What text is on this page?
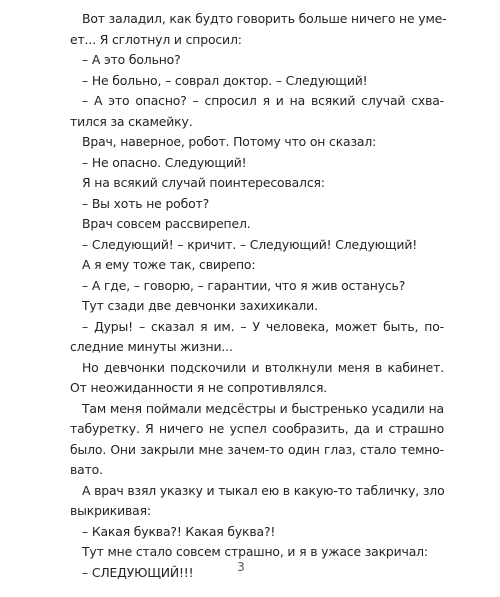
Вот заладил, как будто говорить больше ничего не уме-
ет... Я сглотнул и спросил:
– А это больно?
– Не больно, – соврал доктор. – Следующий!
– А это опасно? – спросил я и на всякий случай схва-
тился за скамейку.
Врач, наверное, робот. Потому что он сказал:
– Не опасно. Следующий!
Я на всякий случай поинтересовался:
– Вы хоть не робот?
Врач совсем рассвирепел.
– Следующий! – кричит. – Следующий! Следующий!
А я ему тоже так, свирепо:
– А где, – говорю, – гарантии, что я жив останусь?
Тут сзади две девчонки захихикали.
– Дуры! – сказал я им. – У человека, может быть, по-
следние минуты жизни...
Но девчонки подскочили и втолкнули меня в кабинет.
От неожиданности я не сопротивлялся.
Там меня поймали медсёстры и быстренько усадили на
табуретку. Я ничего не успел сообразить, да и страшно
было. Они закрыли мне зачем-то один глаз, стало темно-
вато.
А врач взял указку и тыкал ею в какую-то табличку, зло
выкрикивая:
– Какая буква?! Какая буква?!
Тут мне стало совсем страшно, и я в ужасе закричал:
– СЛЕДУЮЩИЙ!!!	3
